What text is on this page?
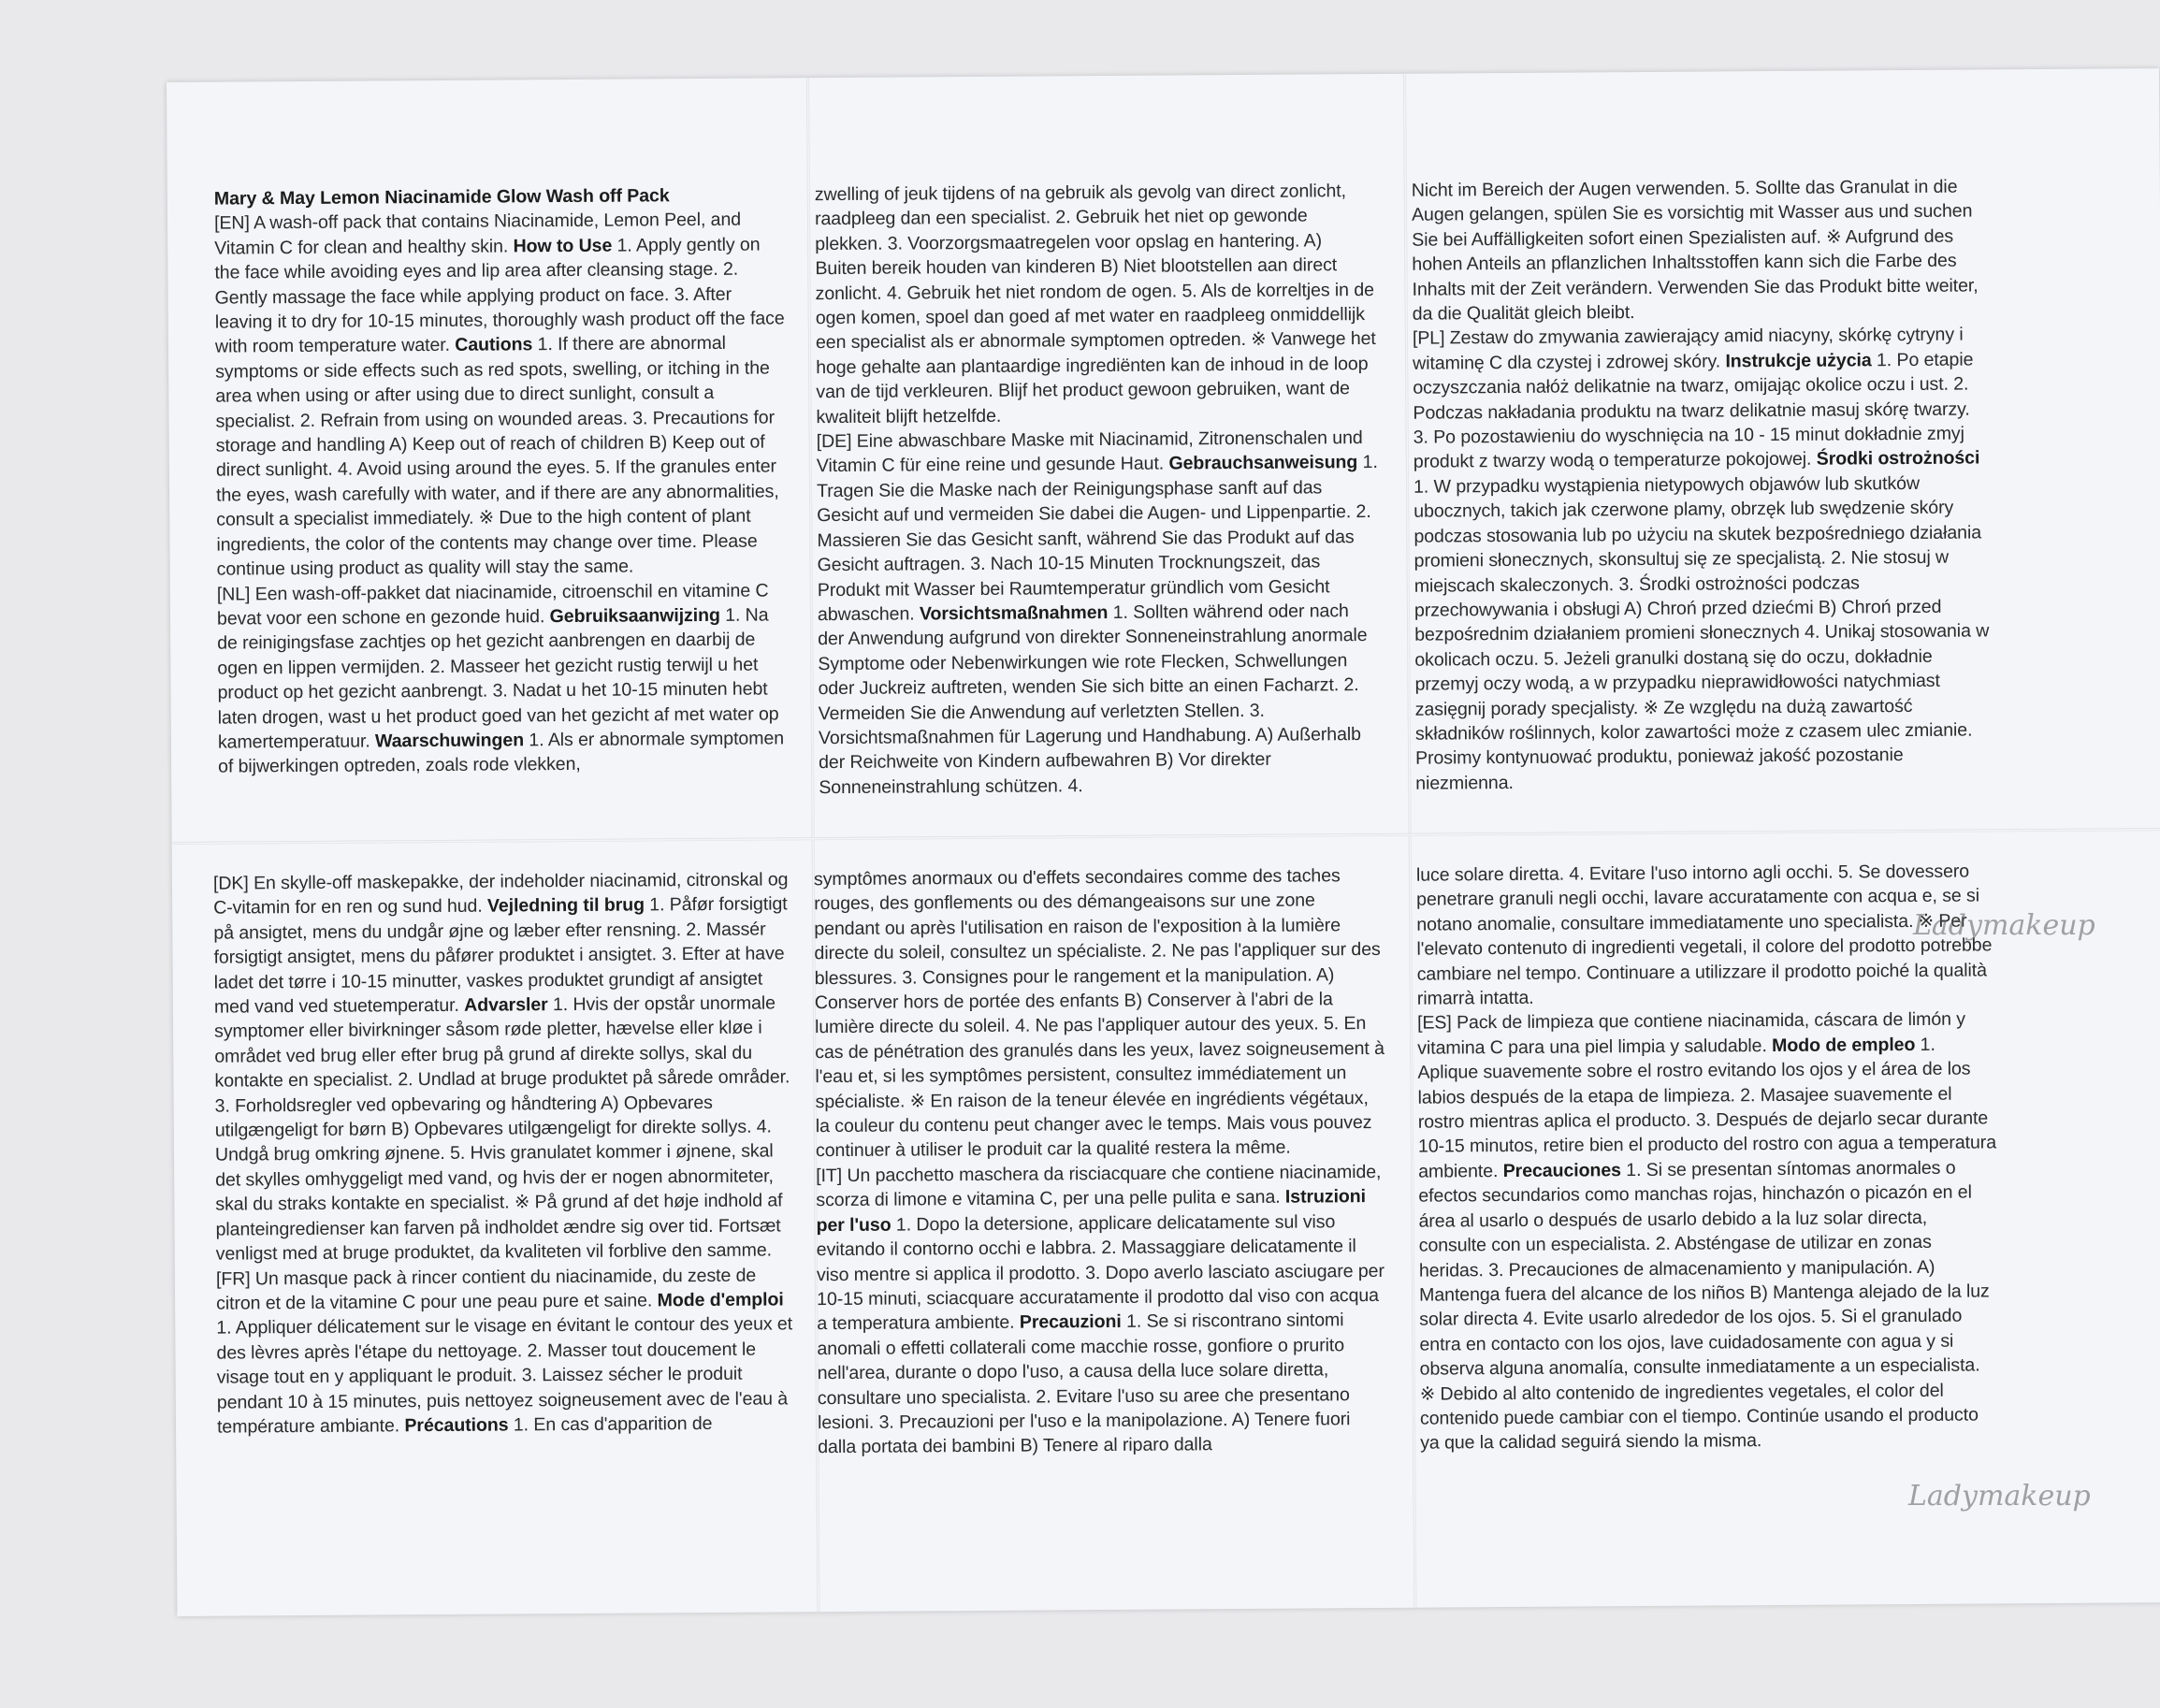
Mary & May Lemon Niacinamide Glow Wash off Pack

[EN] A wash-off pack that contains Niacinamide, Lemon Peel, and Vitamin C for clean and healthy skin. How to Use 1. Apply gently on the face while avoiding eyes and lip area after cleansing stage. 2. Gently massage the face while applying product on face. 3. After leaving it to dry for 10-15 minutes, thoroughly wash product off the face with room temperature water. Cautions 1. If there are abnormal symptoms or side effects such as red spots, swelling, or itching in the area when using or after using due to direct sunlight, consult a specialist. 2. Refrain from using on wounded areas. 3. Precautions for storage and handling A) Keep out of reach of children B) Keep out of direct sunlight. 4. Avoid using around the eyes. 5. If the granules enter the eyes, wash carefully with water, and if there are any abnormalities, consult a specialist immediately. ※ Due to the high content of plant ingredients, the color of the contents may change over time. Please continue using product as quality will stay the same.

[NL] Een wash-off-pakket dat niacinamide, citroenschil en vitamine C bevat voor een schone en gezonde huid. Gebruiksaanwijzing 1. Na de reinigingsfase zachtjes op het gezicht aanbrengen en daarbij de ogen en lippen vermijden. 2. Masseer het gezicht rustig terwijl u het product op het gezicht aanbrengt. 3. Nadat u het 10-15 minuten hebt laten drogen, wast u het product goed van het gezicht af met water op kamertemperatuur. Waarschuwingen 1. Als er abnormale symptomen of bijwerkingen optreden, zoals rode vlekken,

zwelling of jeuk tijdens of na gebruik als gevolg van direct zonlicht, raadpleeg dan een specialist. 2. Gebruik het niet op gewonde plekken. 3. Voorzorgsmaatregelen voor opslag en hantering. A) Buiten bereik houden van kinderen B) Niet blootstellen aan direct zonlicht. 4. Gebruik het niet rondom de ogen. 5. Als de korreltjes in de ogen komen, spoel dan goed af met water en raadpleeg onmiddellijk een specialist als er abnormale symptomen optreden. ※ Vanwege het hoge gehalte aan plantaardige ingrediënten kan de inhoud in de loop van de tijd verkleuren. Blijf het product gewoon gebruiken, want de kwaliteit blijft hetzelfde.

[DE] Eine abwaschbare Maske mit Niacinamid, Zitronenschalen und Vitamin C für eine reine und gesunde Haut. Gebrauchsanweisung 1. Tragen Sie die Maske nach der Reinigungsphase sanft auf das Gesicht auf und vermeiden Sie dabei die Augen- und Lippenpartie. 2. Massieren Sie das Gesicht sanft, während Sie das Produkt auf das Gesicht auftragen. 3. Nach 10-15 Minuten Trocknungszeit, das Produkt mit Wasser bei Raumtemperatur gründlich vom Gesicht abwaschen. Vorsichtsmaßnahmen 1. Sollten während oder nach der Anwendung aufgrund von direkter Sonneneinstrahlung anormale Symptome oder Nebenwirkungen wie rote Flecken, Schwellungen oder Juckreiz auftreten, wenden Sie sich bitte an einen Facharzt. 2. Vermeiden Sie die Anwendung auf verletzten Stellen. 3. Vorsichtsmaßnahmen für Lagerung und Handhabung. A) Außerhalb der Reichweite von Kindern aufbewahren B) Vor direkter Sonneneinstrahlung schützen. 4.

Nicht im Bereich der Augen verwenden. 5. Sollte das Granulat in die Augen gelangen, spülen Sie es vorsichtig mit Wasser aus und suchen Sie bei Auffälligkeiten sofort einen Spezialisten auf. ※ Aufgrund des hohen Anteils an pflanzlichen Inhaltsstoffen kann sich die Farbe des Inhalts mit der Zeit verändern. Verwenden Sie das Produkt bitte weiter, da die Qualität gleich bleibt.

[PL] Zestaw do zmywania zawierający amid niacyny, skórkę cytryny i witaminę C dla czystej i zdrowej skóry. Instrukcje użycia 1. Po etapie oczyszczania nałóż delikatnie na twarz, omijając okolice oczu i ust. 2. Podczas nakładania produktu na twarz delikatnie masuj skórę twarzy. 3. Po pozostawieniu do wyschnięcia na 10 - 15 minut dokładnie zmyj produkt z twarzy wodą o temperaturze pokojowej. Środki ostrożności 1. W przypadku wystąpienia nietypowych objawów lub skutków ubocznych, takich jak czerwone plamy, obrzęk lub swędzenie skóry podczas stosowania lub po użyciu na skutek bezpośredniego działania promieni słonecznych, skonsultuj się ze specjalistą. 2. Nie stosuj w miejscach skaleczonych. 3. Środki ostrożności podczas przechowywania i obsługi A) Chroń przed dziećmi B) Chroń przed bezpośrednim działaniem promieni słonecznych 4. Unikaj stosowania w okolicach oczu. 5. Jeżeli granulki dostaną się do oczu, dokładnie przemyj oczy wodą, a w przypadku nieprawidłowości natychmiast zasięgnij porady specjalisty. ※ Ze względu na dużą zawartość składników roślinnych, kolor zawartości może z czasem ulec zmianie. Prosimy kontynuować produktu, ponieważ jakość pozostanie niezmienna.

[DK] En skylle-off maskepakke, der indeholder niacinamid, citronskal og C-vitamin for en ren og sund hud. Vejledning til brug 1. Påfør forsigtigt på ansigtet, mens du undgår øjne og læber efter rensning. 2. Massér forsigtigt ansigtet, mens du påfører produktet i ansigtet. 3. Efter at have ladet det tørre i 10-15 minutter, vaskes produktet grundigt af ansigtet med vand ved stuetemperatur. Advarsler 1. Hvis der opstår unormale symptomer eller bivirkninger såsom røde pletter, hævelse eller kløe i området ved brug eller efter brug på grund af direkte sollys, skal du kontakte en specialist. 2. Undlad at bruge produktet på sårede områder. 3. Forholdsregler ved opbevaring og håndtering A) Opbevares utilgængeligt for børn B) Opbevares utilgængeligt for direkte sollys. 4. Undgå brug omkring øjnene. 5. Hvis granulatet kommer i øjnene, skal det skylles omhyggeligt med vand, og hvis der er nogen abnormiteter, skal du straks kontakte en specialist. ※ På grund af det høje indhold af planteingredienser kan farven på indholdet ændre sig over tid. Fortsæt venligst med at bruge produktet, da kvaliteten vil forblive den samme.

[FR] Un masque pack à rincer contient du niacinamide, du zeste de citron et de la vitamine C pour une peau pure et saine. Mode d'emploi 1. Appliquer délicatement sur le visage en évitant le contour des yeux et des lèvres après l'étape du nettoyage. 2. Masser tout doucement le visage tout en y appliquant le produit. 3. Laissez sécher le produit pendant 10 à 15 minutes, puis nettoyez soigneusement avec de l'eau à température ambiante. Précautions 1. En cas d'apparition de

symptômes anormaux ou d'effets secondaires comme des taches rouges, des gonflements ou des démangeaisons sur une zone pendant ou après l'utilisation en raison de l'exposition à la lumière directe du soleil, consultez un spécialiste. 2. Ne pas l'appliquer sur des blessures. 3. Consignes pour le rangement et la manipulation. A) Conserver hors de portée des enfants B) Conserver à l'abri de la lumière directe du soleil. 4. Ne pas l'appliquer autour des yeux. 5. En cas de pénétration des granulés dans les yeux, lavez soigneusement à l'eau et, si les symptômes persistent, consultez immédiatement un spécialiste. ※ En raison de la teneur élevée en ingrédients végétaux, la couleur du contenu peut changer avec le temps. Mais vous pouvez continuer à utiliser le produit car la qualité restera la même.

[IT] Un pacchetto maschera da risciacquare che contiene niacinamide, scorza di limone e vitamina C, per una pelle pulita e sana. Istruzioni per l'uso 1. Dopo la detersione, applicare delicatamente sul viso evitando il contorno occhi e labbra. 2. Massaggiare delicatamente il viso mentre si applica il prodotto. 3. Dopo averlo lasciato asciugare per 10-15 minuti, sciacquare accuratamente il prodotto dal viso con acqua a temperatura ambiente. Precauzioni 1. Se si riscontrano sintomi anomali o effetti collaterali come macchie rosse, gonfiore o prurito nell'area, durante o dopo l'uso, a causa della luce solare diretta, consultare uno specialista. 2. Evitare l'uso su aree che presentano lesioni. 3. Precauzioni per l'uso e la manipolazione. A) Tenere fuori dalla portata dei bambini B) Tenere al riparo dalla

luce solare diretta. 4. Evitare l'uso intorno agli occhi. 5. Se dovessero penetrare granuli negli occhi, lavare accuratamente con acqua e, se si notano anomalie, consultare immediatamente uno specialista. ※ Per l'elevato contenuto di ingredienti vegetali, il colore del prodotto potrebbe cambiare nel tempo. Continuare a utilizzare il prodotto poiché la qualità rimarrà intatta.

[ES] Pack de limpieza que contiene niacinamida, cáscara de limón y vitamina C para una piel limpia y saludable. Modo de empleo 1. Aplique suavemente sobre el rostro evitando los ojos y el área de los labios después de la etapa de limpieza. 2. Masajee suavemente el rostro mientras aplica el producto. 3. Después de dejarlo secar durante 10-15 minutos, retire bien el producto del rostro con agua a temperatura ambiente. Precauciones 1. Si se presentan síntomas anormales o efectos secundarios como manchas rojas, hinchazón o picazón en el área al usarlo o después de usarlo debido a la luz solar directa, consulte con un especialista. 2. Absténgase de utilizar en zonas heridas. 3. Precauciones de almacenamiento y manipulación. A) Mantenga fuera del alcance de los niños B) Mantenga alejado de la luz solar directa 4. Evite usarlo alrededor de los ojos. 5. Si el granulado entra en contacto con los ojos, lave cuidadosamente con agua y si observa alguna anomalía, consulte inmediatamente a un especialista. ※ Debido al alto contenido de ingredientes vegetales, el color del contenido puede cambiar con el tiempo. Continúe usando el producto ya que la calidad seguirá siendo la misma.

Ladymakeup
Ladymakeup
